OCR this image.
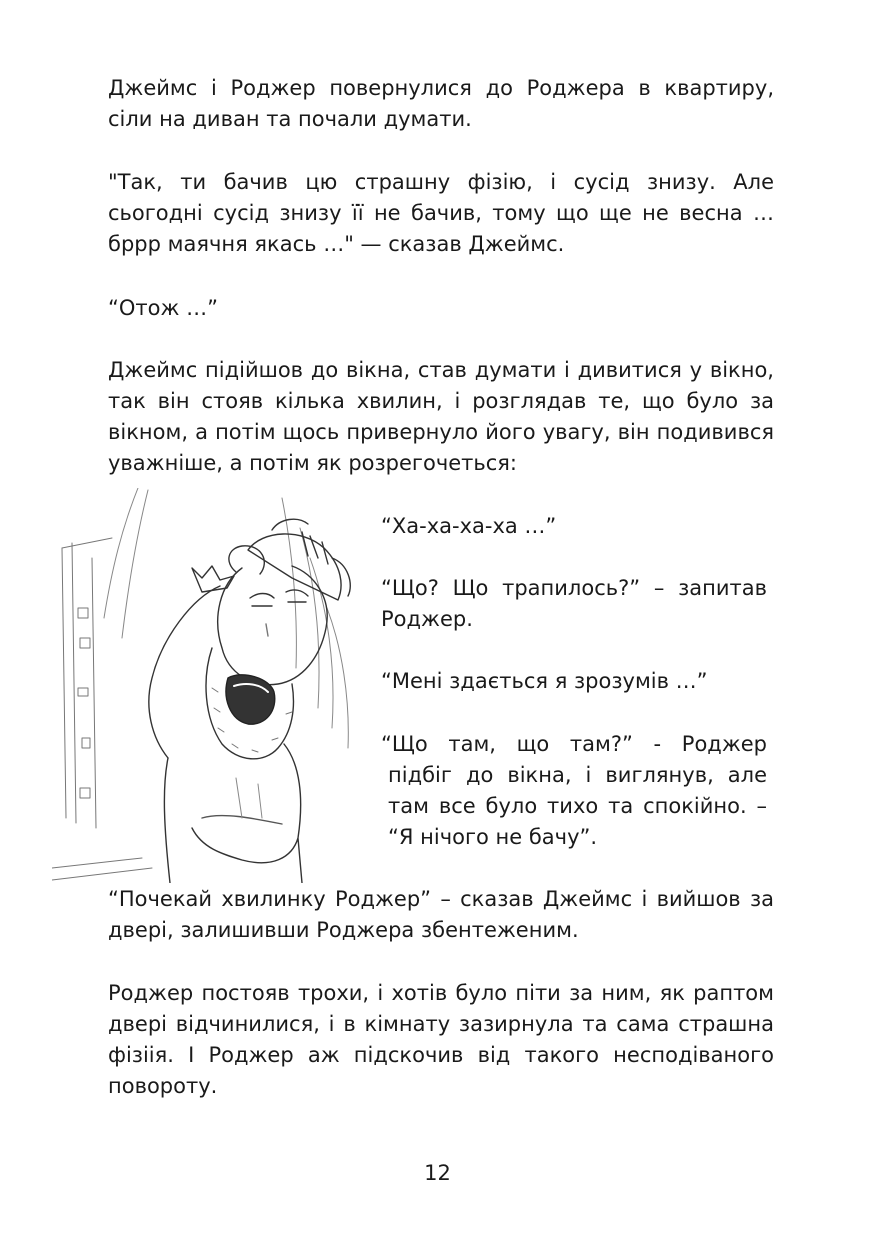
Джеймс і Роджер повернулися до Роджера в квартиру, сіли на диван та почали думати.

"Так, ти бачив цю страшну фізію, і сусід знизу. Але сьогодні сусід знизу її не бачив, тому що ще не весна … бррр маячня якась …" — сказав Джеймс.

“Отож …”

Джеймс підійшов до вікна, став думати і дивитися у вікно, так він стояв кілька хвилин, і розглядав те, що було за вікном, а потім щось привернуло його увагу, він подивився уважніше, а потім як розрегочеться:

“Ха-ха-ха-ха …”

“Що? Що трапилось?” – запитав Роджер.

“Мені здається я зрозумів …”

“Що там, що там?” - Роджер підбіг до вікна, і виглянув, але там все було тихо та спокійно. – “Я нічого не бачу”.

“Почекай хвилинку Роджер” – сказав Джеймс і вийшов за двері, залишивши Роджера збентеженим.

Роджер постояв трохи, і хотів було піти за ним, як раптом двері відчинилися, і в кімнату зазирнула та сама страшна фізіія. І Роджер аж підскочив від такого несподіваного повороту.

12
